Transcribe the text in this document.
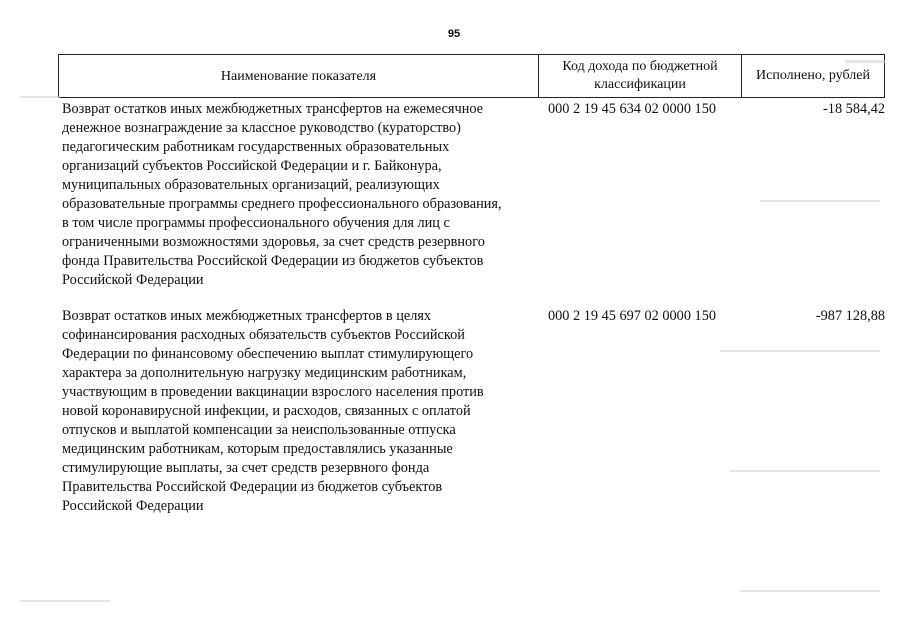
95
Наименование показателя
Код дохода по бюджетной классификации
Исполнено, рублей
Возврат остатков иных межбюджетных трансфертов на ежемесячное
денежное вознаграждение за классное руководство (кураторство)
педагогическим работникам государственных образовательных
организаций субъектов Российской Федерации и г. Байконура,
муниципальных образовательных организаций, реализующих
образовательные программы среднего профессионального образования,
в том числе программы профессионального обучения для лиц с
ограниченными возможностями здоровья, за счет средств резервного
фонда Правительства Российской Федерации из бюджетов субъектов
Российской Федерации
000 2 19 45 634 02 0000 150	-18 584,42
Возврат остатков иных межбюджетных трансфертов в целях
софинансирования расходных обязательств субъектов Российской
Федерации по финансовому обеспечению выплат стимулирующего
характера за дополнительную нагрузку медицинским работникам,
участвующим в проведении вакцинации взрослого населения против
новой коронавирусной инфекции, и расходов, связанных с оплатой
отпусков и выплатой компенсации за неиспользованные отпуска
медицинским работникам, которым предоставлялись указанные
стимулирующие выплаты, за счет средств резервного фонда
Правительства Российской Федерации из бюджетов субъектов
Российской Федерации
000 2 19 45 697 02 0000 150	-987 128,88
